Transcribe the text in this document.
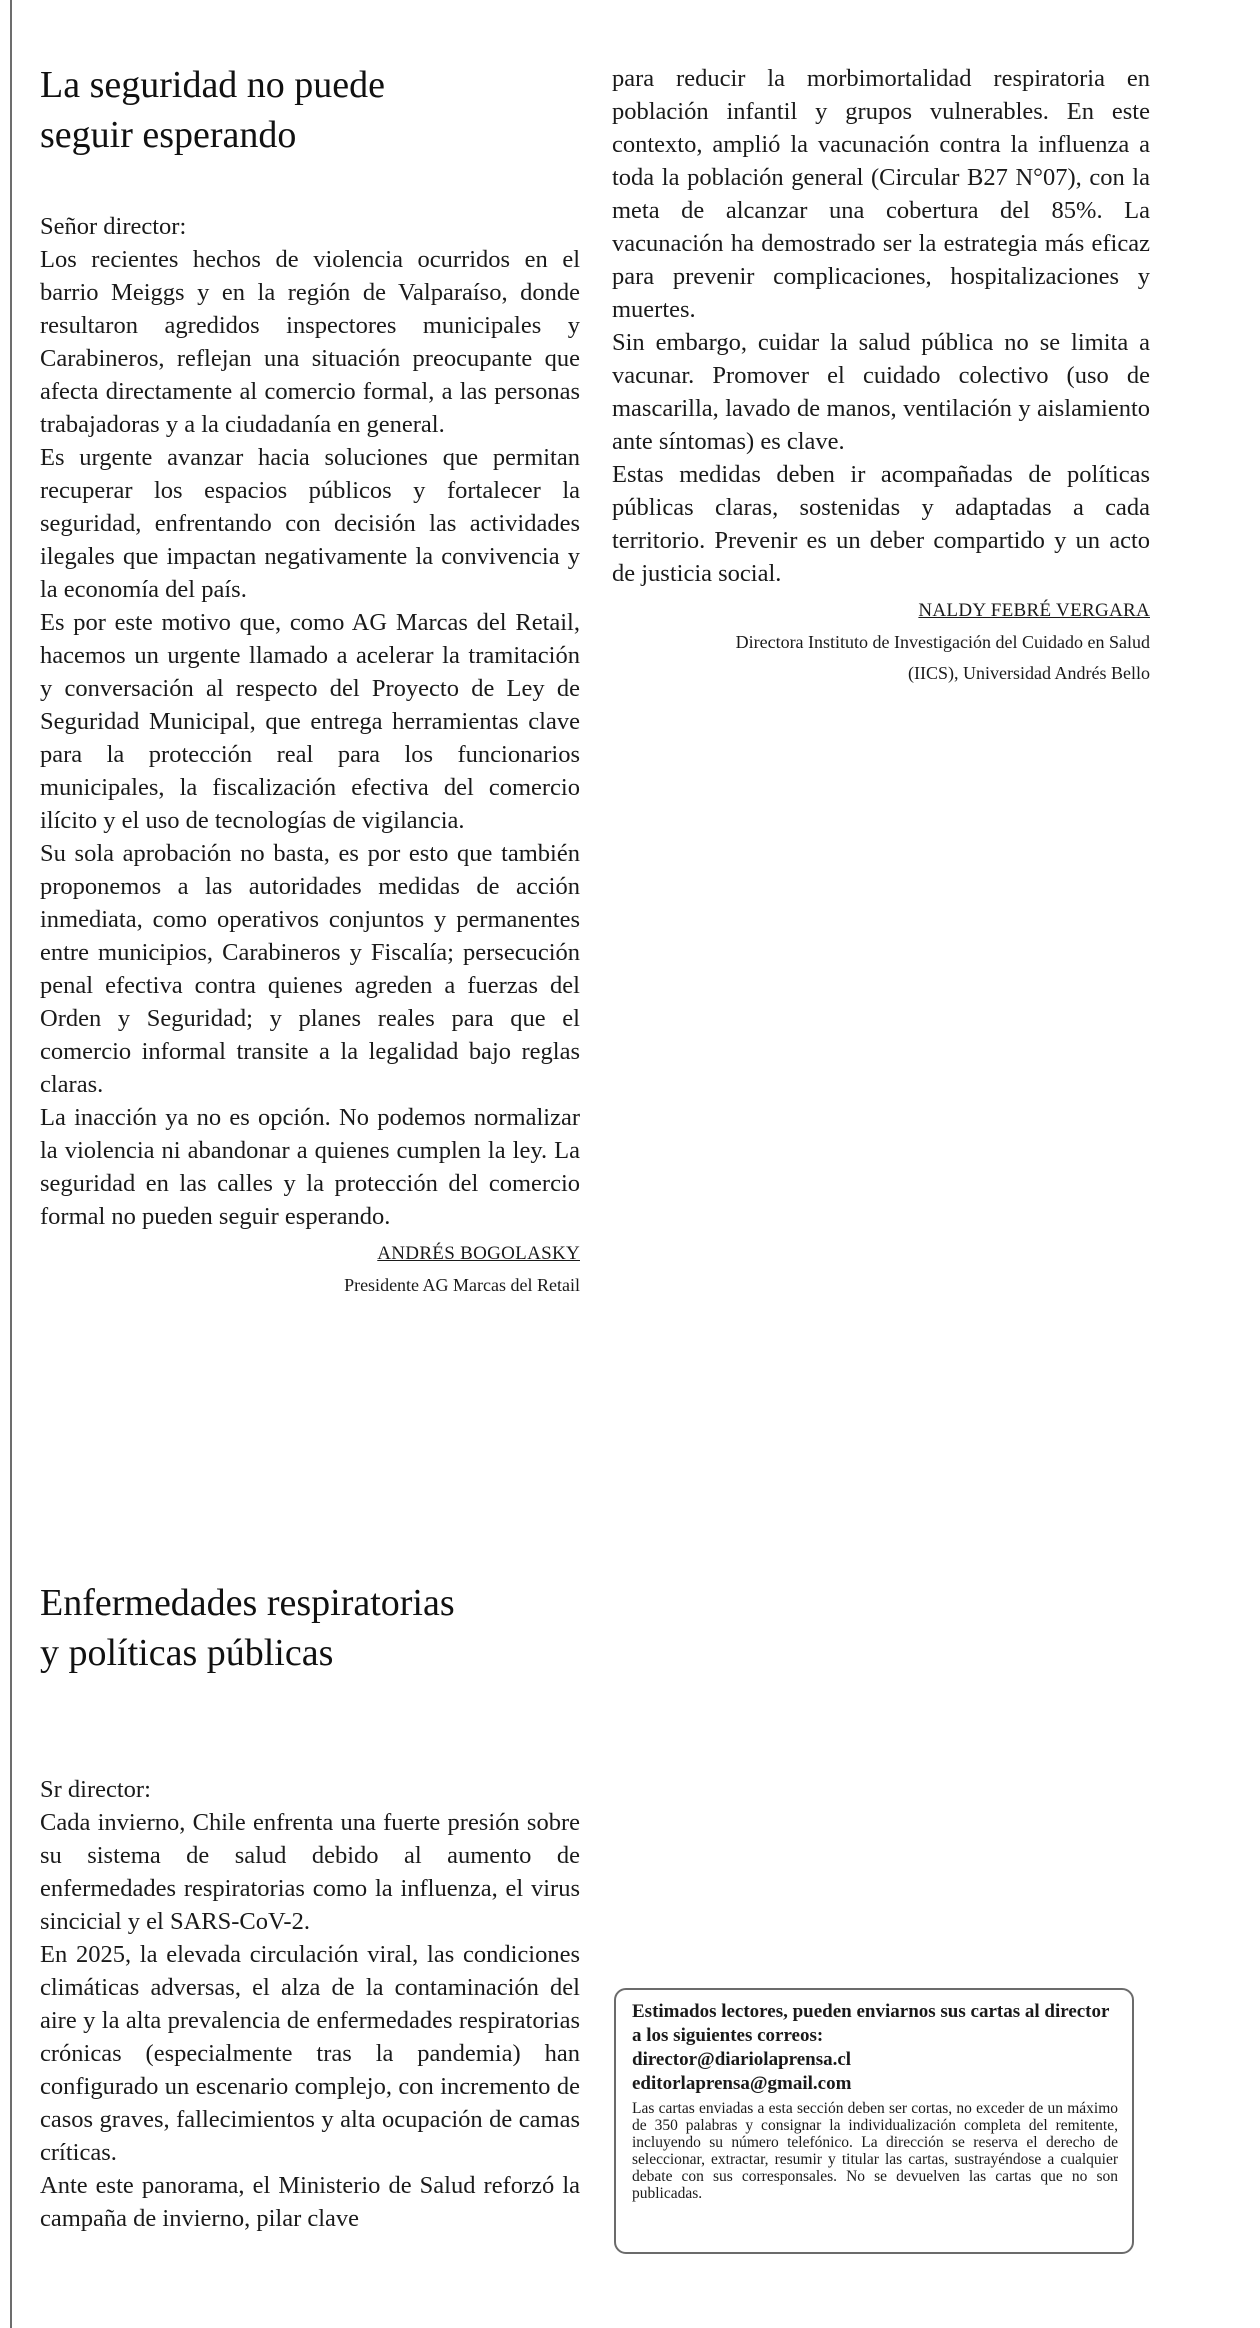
La seguridad no puede
seguir esperando

Señor director:

Los recientes hechos de violencia ocurridos en el barrio Meiggs y en la región de Valparaíso, donde resultaron agredidos inspectores municipales y Carabineros, reflejan una situación preocupante que afecta directamente al comercio formal, a las personas trabajadoras y a la ciudadanía en general.

Es urgente avanzar hacia soluciones que permitan recuperar los espacios públicos y fortalecer la seguridad, enfrentando con decisión las actividades ilegales que impactan negativamente la convivencia y la economía del país.

Es por este motivo que, como AG Marcas del Retail, hacemos un urgente llamado a acelerar la tramitación y conversación al respecto del Proyecto de Ley de Seguridad Municipal, que entrega herramientas clave para la protección real para los funcionarios municipales, la fiscalización efectiva del comercio ilícito y el uso de tecnologías de vigilancia.

Su sola aprobación no basta, es por esto que también proponemos a las autoridades medidas de acción inmediata, como operativos conjuntos y permanentes entre municipios, Carabineros y Fiscalía; persecución penal efectiva contra quienes agreden a fuerzas del Orden y Seguridad; y planes reales para que el comercio informal transite a la legalidad bajo reglas claras.

La inacción ya no es opción. No podemos normalizar la violencia ni abandonar a quienes cumplen la ley. La seguridad en las calles y la protección del comercio formal no pueden seguir esperando.

ANDRÉS BOGOLASKY
Presidente AG Marcas del Retail
Enfermedades respiratorias
y políticas públicas

Sr director:

Cada invierno, Chile enfrenta una fuerte presión sobre su sistema de salud debido al aumento de enfermedades respiratorias como la influenza, el virus sincicial y el SARS-CoV-2.

En 2025, la elevada circulación viral, las condiciones climáticas adversas, el alza de la contaminación del aire y la alta prevalencia de enfermedades respiratorias crónicas (especialmente tras la pandemia) han configurado un escenario complejo, con incremento de casos graves, fallecimientos y alta ocupación de camas críticas.

Ante este panorama, el Ministerio de Salud reforzó la campaña de invierno, pilar clave

para reducir la morbimortalidad respiratoria en población infantil y grupos vulnerables. En este contexto, amplió la vacunación contra la influenza a toda la población general (Circular B27 N°07), con la meta de alcanzar una cobertura del 85%. La vacunación ha demostrado ser la estrategia más eficaz para prevenir complicaciones, hospitalizaciones y muertes.

Sin embargo, cuidar la salud pública no se limita a vacunar. Promover el cuidado colectivo (uso de mascarilla, lavado de manos, ventilación y aislamiento ante síntomas) es clave.

Estas medidas deben ir acompañadas de políticas públicas claras, sostenidas y adaptadas a cada territorio. Prevenir es un deber compartido y un acto de justicia social.

NALDY FEBRÉ VERGARA
Directora Instituto de Investigación del Cuidado en Salud
(IICS), Universidad Andrés Bello

Estimados lectores, pueden enviarnos sus cartas al director a los siguientes correos:

director@diariolaprensa.cl
editorlaprensa@gmail.com

Las cartas enviadas a esta sección deben ser cortas, no exceder de un máximo de 350 palabras y consignar la individualización completa del remitente, incluyendo su número telefónico. La dirección se reserva el derecho de seleccionar, extractar, resumir y titular las cartas, sustrayéndose a cualquier debate con sus corresponsales. No se devuelven las cartas que no son publicadas.
